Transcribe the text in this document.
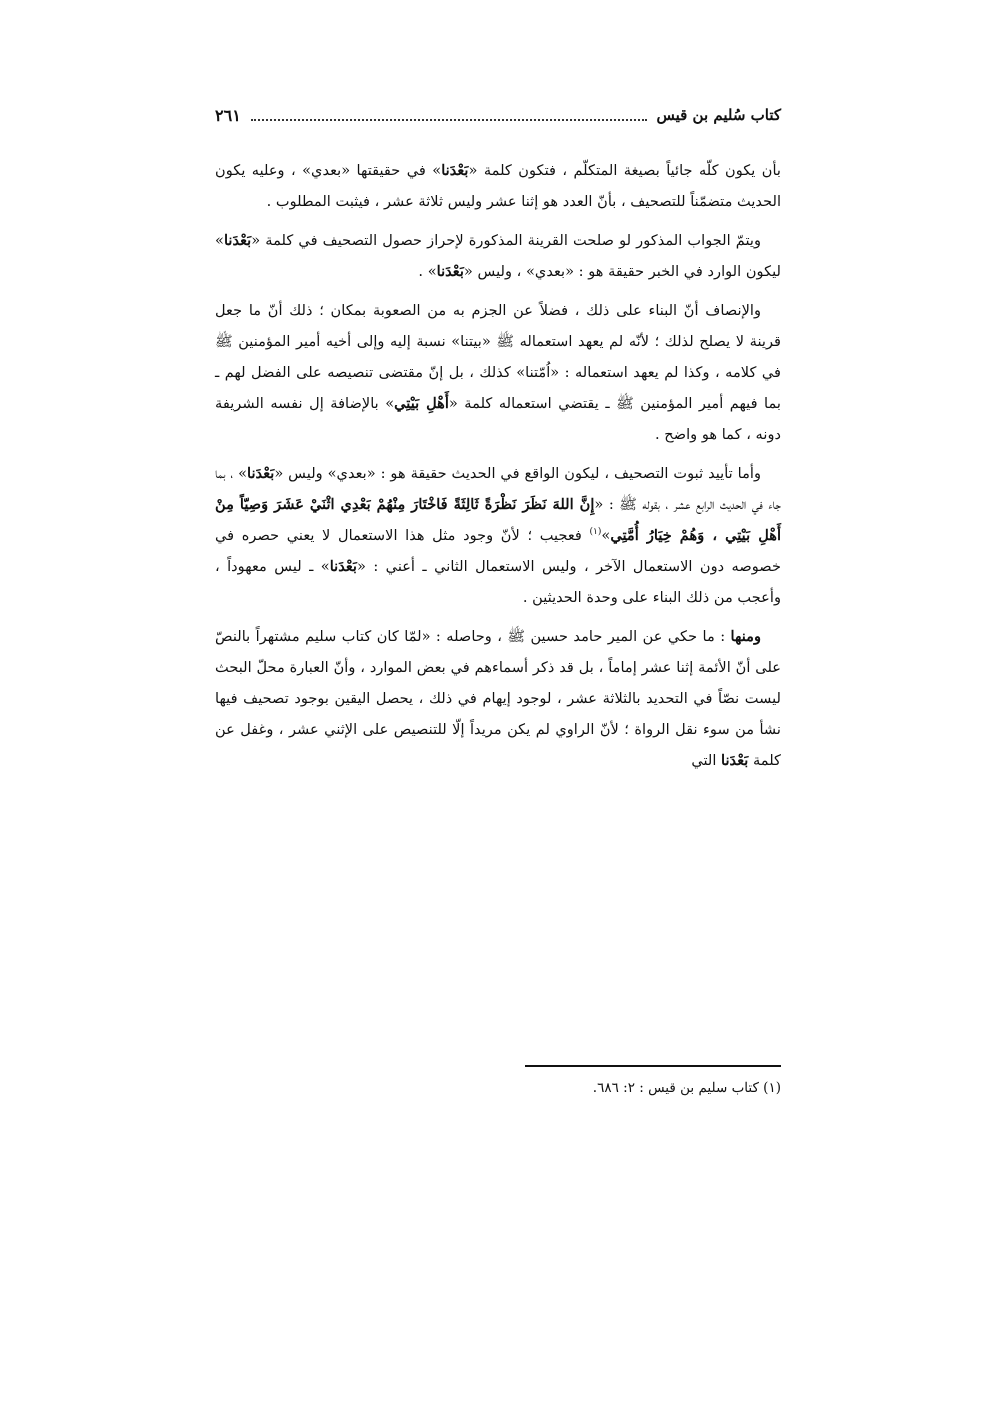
كتاب سُليم بن قيس
٢٦١

بأن يكون كلّه جائياً بصيغة المتكلّم ، فتكون كلمة «بَعْدَنا» في حقيقتها «بعدي» ، وعليه يكون الحديث متضمّناً للتصحيف ، بأنّ العدد هو إثنا عشر وليس ثلاثة عشر ، فيثبت المطلوب .

ويتمّ الجواب المذكور لو صلحت القرينة المذكورة لإحراز حصول التصحيف في كلمة «بَعْدَنا» ليكون الوارد في الخبر حقيقة هو : «بعدي» ، وليس «بَعْدَنا» .

والإنصاف أنّ البناء على ذلك ، فضلاً عن الجزم به من الصعوبة بمكان ؛ ذلك أنّ ما جعل قرينة لا يصلح لذلك ؛ لأنّه لم يعهد استعماله ﷺ «بيتنا» نسبة إليه وإلى أخيه أمير المؤمنين ﷺ في كلامه ، وكذا لم يعهد استعماله : «اُمّتنا» كذلك ، بل إنّ مقتضى تنصيصه على الفضل لهم ـ بما فيهم أمير المؤمنين ﷺ ـ يقتضي استعماله كلمة «أَهْلِ بَيْتِي» بالإضافة إل نفسه الشريفة دونه ، كما هو واضح .

وأما تأييد ثبوت التصحيف ، ليكون الواقع في الحديث حقيقة هو : «بعدي» وليس «بَعْدَنا» ، بما جاء في الحديث الرابع عشر ، بقوله ﷺ : «إِنَّ اللهَ نَظَرَ نَظْرَةً ثَالِثَةً فَاخْتَارَ مِنْهُمْ بَعْدِي اثْنَيْ عَشَرَ وَصِيّاً مِنْ أَهْلِ بَيْتِي ، وَهُمْ خِيَارُ أُمَّتِي»$^{(١)}$ فعجيب ؛ لأنّ وجود مثل هذا الاستعمال لا يعني حصره في خصوصه دون الاستعمال الآخر ، وليس الاستعمال الثاني ـ أعني : «بَعْدَنا» ـ ليس معهوداً ، وأعجب من ذلك البناء على وحدة الحديثين .

ومنها : ما حكي عن المير حامد حسين ﷺ ، وحاصله : «لمّا كان كتاب سليم مشتهراً بالنصّ على أنّ الأئمة إثنا عشر إماماً ، بل قد ذكر أسماءهم في بعض الموارد ، وأنّ العبارة محلّ البحث ليست نصّاً في التحديد بالثلاثة عشر ، لوجود إيهام في ذلك ، يحصل اليقين بوجود تصحيف فيها نشأ من سوء نقل الرواة ؛ لأنّ الراوي لم يكن مريداً إلّا للتنصيص على الإثني عشر ، وغفل عن كلمة بَعْدَنا التي

(١) كتاب سليم بن قيس : ٢: ٦٨٦.
